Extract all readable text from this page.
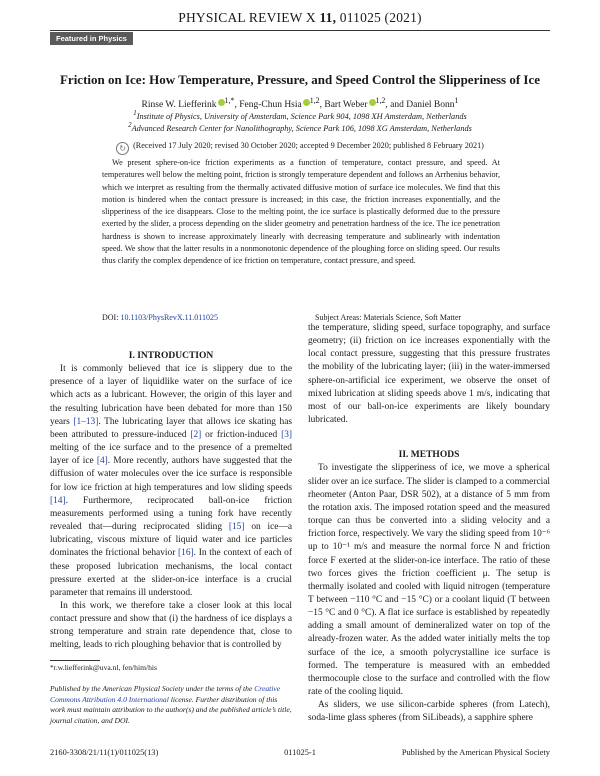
PHYSICAL REVIEW X 11, 011025 (2021)
Featured in Physics
Friction on Ice: How Temperature, Pressure, and Speed Control the Slipperiness of Ice
Rinse W. Liefferink $^{1,*}$, Feng-Chun Hsia $^{1,2}$, Bart Weber $^{1,2}$, and Daniel Bonn$^1$
$^1$Institute of Physics, University of Amsterdam, Science Park 904, 1098 XH Amsterdam, Netherlands
$^2$Advanced Research Center for Nanolithography, Science Park 106, 1098 XG Amsterdam, Netherlands
↻ (Received 17 July 2020; revised 30 October 2020; accepted 9 December 2020; published 8 February 2021)
We present sphere-on-ice friction experiments as a function of temperature, contact pressure, and speed. At temperatures well below the melting point, friction is strongly temperature dependent and follows an Arrhenius behavior, which we interpret as resulting from the thermally activated diffusive motion of surface ice molecules. We find that this motion is hindered when the contact pressure is increased; in this case, the friction increases exponentially, and the slipperiness of the ice disappears. Close to the melting point, the ice surface is plastically deformed due to the pressure exerted by the slider, a process depending on the slider geometry and penetration hardness of the ice. The ice penetration hardness is shown to increase approximately linearly with decreasing temperature and sublinearly with indentation speed. We show that the latter results in a nonmonotonic dependence of the ploughing force on sliding speed. Our results thus clarify the complex dependence of ice friction on temperature, contact pressure, and speed.
DOI: 10.1103/PhysRevX.11.011025	Subject Areas: Materials Science, Soft Matter

I. INTRODUCTION

It is commonly believed that ice is slippery due to the presence of a layer of liquidlike water on the surface of ice which acts as a lubricant. However, the origin of this layer and the resulting lubrication have been debated for more than 150 years [1–13]. The lubricating layer that allows ice skating has been attributed to pressure-induced [2] or friction-induced [3] melting of the ice surface and to the presence of a premelted layer of ice [4]. More recently, authors have suggested that the diffusion of water molecules over the ice surface is responsible for low ice friction at high temperatures and low sliding speeds [14]. Furthermore, reciprocated ball-on-ice friction measurements performed using a tuning fork have recently revealed that—during reciprocated sliding [15] on ice—a lubricating, viscous mixture of liquid water and ice particles dominates the frictional behavior [16]. In the context of each of these proposed lubrication mechanisms, the local contact pressure exerted at the slider-on-ice interface is a crucial parameter that remains ill understood.

In this work, we therefore take a closer look at this local contact pressure and show that (i) the hardness of ice displays a strong temperature and strain rate dependence that, close to melting, leads to rich ploughing behavior that is controlled by

the temperature, sliding speed, surface topography, and surface geometry; (ii) friction on ice increases exponentially with the local contact pressure, suggesting that this pressure frustrates the mobility of the lubricating layer; (iii) in the water-immersed sphere-on-artificial ice experiment, we observe the onset of mixed lubrication at sliding speeds above 1 m/s, indicating that most of our ball-on-ice experiments are likely boundary lubricated.

II. METHODS

To investigate the slipperiness of ice, we move a spherical slider over an ice surface. The slider is clamped to a commercial rheometer (Anton Paar, DSR 502), at a distance of 5 mm from the rotation axis. The imposed rotation speed and the measured torque can thus be converted into a sliding velocity and a friction force, respectively. We vary the sliding speed from 10⁻⁶ up to 10⁻¹ m/s and measure the normal force N and friction force F exerted at the slider-on-ice interface. The ratio of these two forces gives the friction coefficient μ. The setup is thermally isolated and cooled with liquid nitrogen (temperature T between −110 °C and −15 °C) or a coolant liquid (T between −15 °C and 0 °C). A flat ice surface is established by repeatedly adding a small amount of demineralized water on top of the already-frozen water. As the added water initially melts the top surface of the ice, a smooth polycrystalline ice surface is formed. The temperature is measured with an embedded thermocouple close to the surface and controlled with the flow rate of the cooling liquid.

As sliders, we use silicon-carbide spheres (from Latech), soda-lime glass spheres (from SiLibeads), a sapphire sphere

*r.w.liefferink@uva.nl, fen/him/his
Published by the American Physical Society under the terms of the Creative Commons Attribution 4.0 International license. Further distribution of this work must maintain attribution to the author(s) and the published article’s title, journal citation, and DOI.
2160-3308/21/11(1)/011025(13)	011025-1	Published by the American Physical Society
